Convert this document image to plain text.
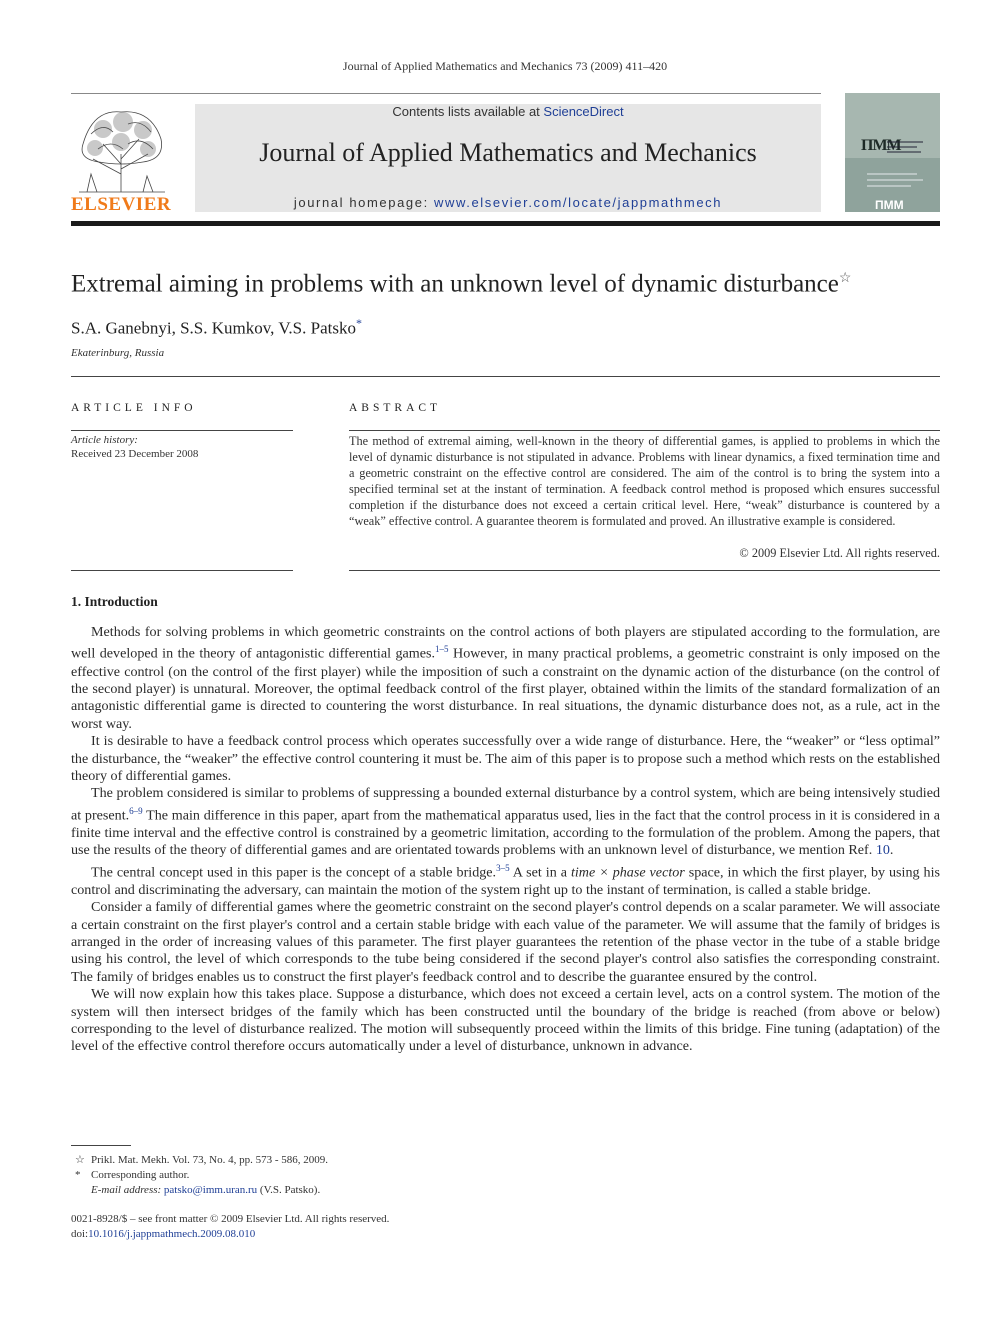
Journal of Applied Mathematics and Mechanics 73 (2009) 411–420
ELSEVIER
Contents lists available at ScienceDirect
Journal of Applied Mathematics and Mechanics
journal homepage: www.elsevier.com/locate/jappmathmech
ПММ
ПММ
Extremal aiming in problems with an unknown level of dynamic disturbance☆
S.A. Ganebnyi, S.S. Kumkov, V.S. Patsko*
Ekaterinburg, Russia
ARTICLE INFO
Article history:
Received 23 December 2008
ABSTRACT
The method of extremal aiming, well-known in the theory of differential games, is applied to problems in which the level of dynamic disturbance is not stipulated in advance. Problems with linear dynamics, a fixed termination time and a geometric constraint on the effective control are considered. The aim of the control is to bring the system into a specified terminal set at the instant of termination. A feedback control method is proposed which ensures successful completion if the disturbance does not exceed a certain critical level. Here, “weak” disturbance is countered by a “weak” effective control. A guarantee theorem is formulated and proved. An illustrative example is considered.
© 2009 Elsevier Ltd. All rights reserved.
1. Introduction

Methods for solving problems in which geometric constraints on the control actions of both players are stipulated according to the formulation, are well developed in the theory of antagonistic differential games.$^{1-5}$ However, in many practical problems, a geometric constraint is only imposed on the effective control (on the control of the first player) while the imposition of such a constraint on the dynamic action of the disturbance (on the control of the second player) is unnatural. Moreover, the optimal feedback control of the first player, obtained within the limits of the standard formalization of an antagonistic differential game is directed to countering the worst disturbance. In real situations, the dynamic disturbance does not, as a rule, act in the worst way.

It is desirable to have a feedback control process which operates successfully over a wide range of disturbance. Here, the “weaker” or “less optimal” the disturbance, the “weaker” the effective control countering it must be. The aim of this paper is to propose such a method which rests on the established theory of differential games.

The problem considered is similar to problems of suppressing a bounded external disturbance by a control system, which are being intensively studied at present.$^{6-9}$ The main difference in this paper, apart from the mathematical apparatus used, lies in the fact that the control process in it is considered in a finite time interval and the effective control is constrained by a geometric limitation, according to the formulation of the problem. Among the papers, that use the results of the theory of differential games and are orientated towards problems with an unknown level of disturbance, we mention Ref. 10.

The central concept used in this paper is the concept of a stable bridge.$^{3-5}$ A set in a time × phase vector space, in which the first player, by using his control and discriminating the adversary, can maintain the motion of the system right up to the instant of termination, is called a stable bridge.

Consider a family of differential games where the geometric constraint on the second player's control depends on a scalar parameter. We will associate a certain constraint on the first player's control and a certain stable bridge with each value of the parameter. We will assume that the family of bridges is arranged in the order of increasing values of this parameter. The first player guarantees the retention of the phase vector in the tube of a stable bridge using his control, the level of which corresponds to the tube being considered if the second player's control also satisfies the corresponding constraint. The family of bridges enables us to construct the first player's feedback control and to describe the guarantee ensured by the control.

We will now explain how this takes place. Suppose a disturbance, which does not exceed a certain level, acts on a control system. The motion of the system will then intersect bridges of the family which has been constructed until the boundary of the bridge is reached (from above or below) corresponding to the level of disturbance realized. The motion will subsequently proceed within the limits of this bridge. Fine tuning (adaptation) of the level of the effective control therefore occurs automatically under a level of disturbance, unknown in advance.

☆ Prikl. Mat. Mekh. Vol. 73, No. 4, pp. 573 - 586, 2009.
* Corresponding author.
E-mail address: patsko@imm.uran.ru (V.S. Patsko).
0021-8928/$ – see front matter © 2009 Elsevier Ltd. All rights reserved.
doi:10.1016/j.jappmathmech.2009.08.010
